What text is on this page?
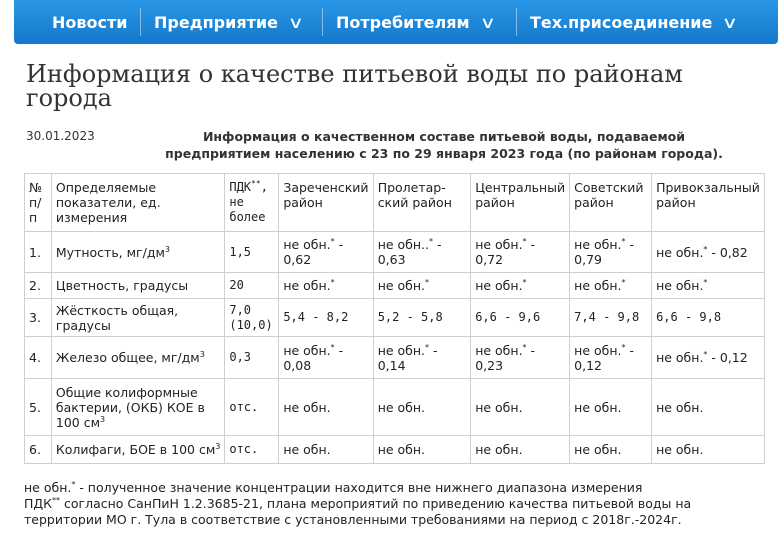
Новости Предприятие ∨ Потребителям ∨ Тех.присоединение ∨
Информация о качестве питьевой воды по районам города
30.01.2023	Информация о качественном составе питьевой воды, подаваемой
предприятием населению с 23 по 29 января 2023 года (по районам города).
№ п/п	Определяемые показатели, ед. измерения	ПДК**, не более	Зареченский район	Пролетарский район	Центральный район	Советский район	Привокзальный район
1.	Мутность, $мг/дм^3$	1,5	не обн.* - 0,62	не обн..* - 0,63	не обн.* - 0,72	не обн.* - 0,79	не обн.* - 0,82
2.	Цветность, градусы	20	не обн.*	не обн.*	не обн.*	не обн.*	не обн.*
3.	Жёсткость общая, градусы	7,0 (10,0)	5,4 - 8,2	5,2 - 5,8	6,6 - 9,6	7,4 - 9,8	6,6 - 9,8
4.	Железо общее, $мг/дм^3$	0,3	не обн.* - 0,08	не обн.* - 0,14	не обн.* - 0,23	не обн.* - 0,12	не обн.* - 0,12
5.	Общие колиформные бактерии, (ОКБ) КОЕ в 100 $см^3$	отс.	не обн.	не обн.	не обн.	не обн.	не обн.
6.	Колифаги, БОЕ в 100 $см^3$	отс.	не обн.	не обн.	не обн.	не обн.	не обн.
не обн.* - полученное значение концентрации находится вне нижнего диапазона измерения
ПДК** согласно СанПиН 1.2.3685-21, плана мероприятий по приведению качества питьевой воды на территории МО г. Тула в соответствие с установленными требованиями на период с 2018г.-2024г.
